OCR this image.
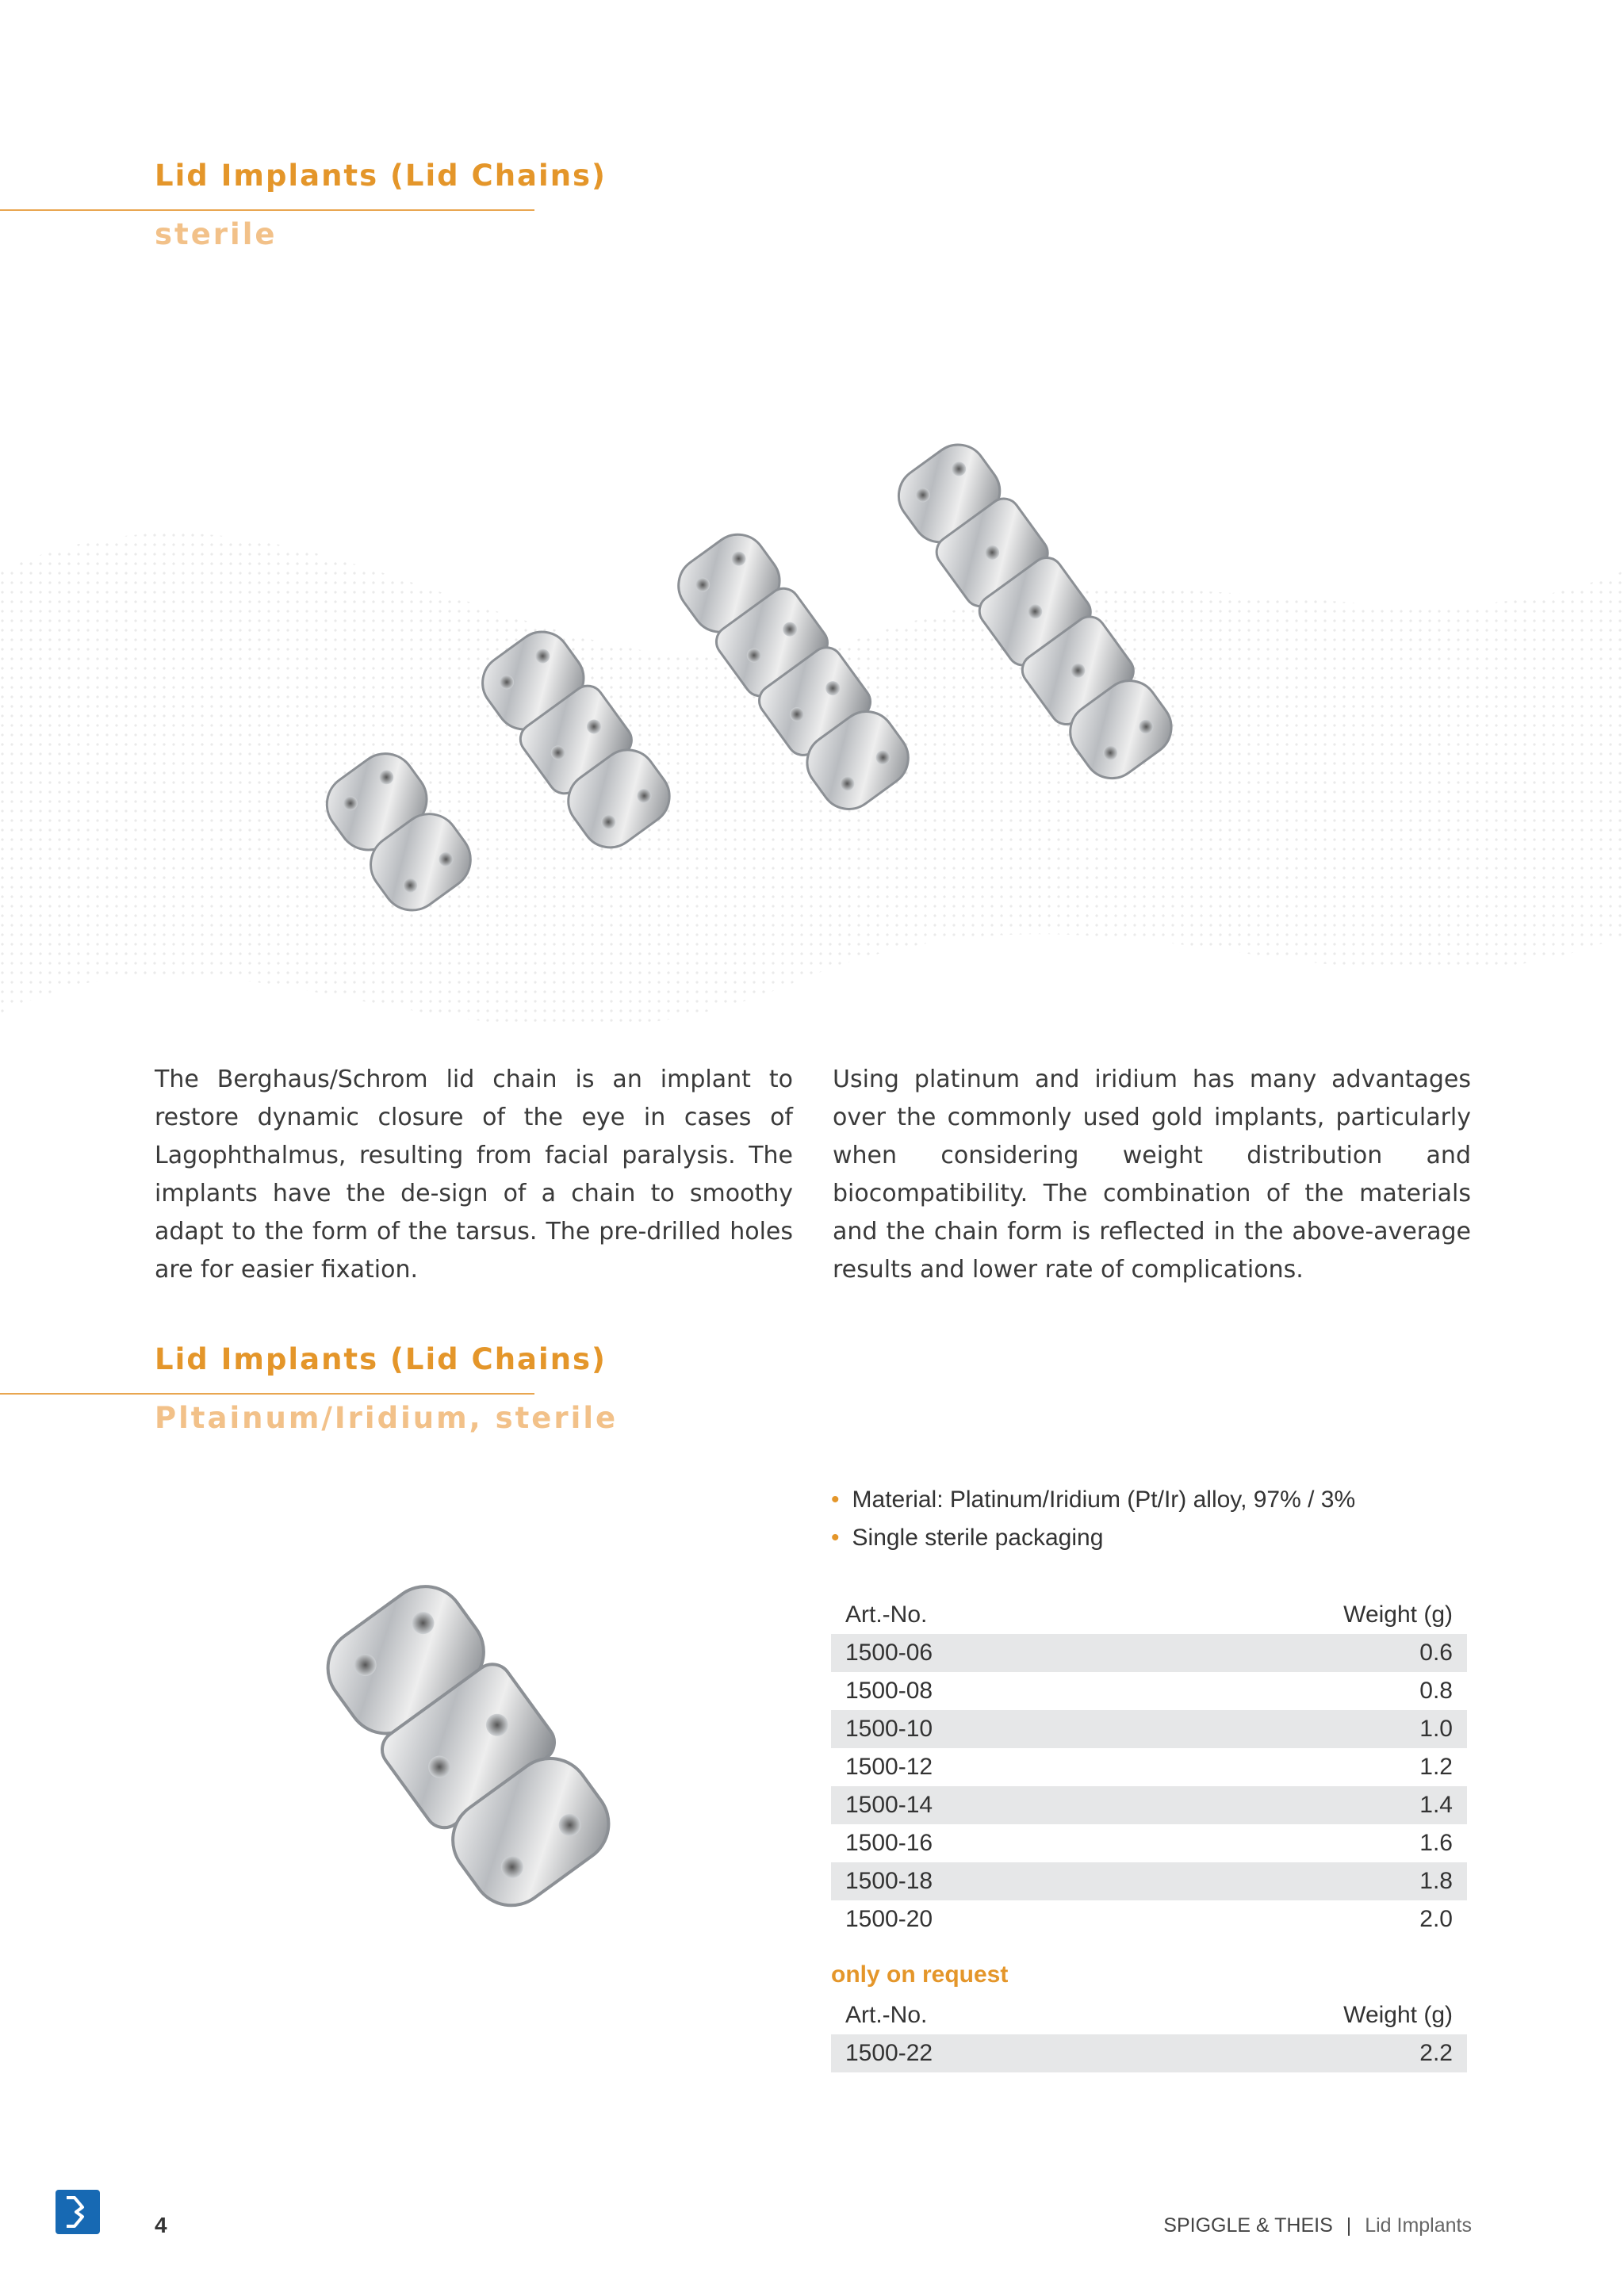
Lid Implants (Lid Chains)
sterile
The Berghaus/Schrom lid chain is an implant to restore dynamic closure of the eye in cases of Lagophthalmus, resulting from facial paralysis. The implants have the de-sign of a chain to smoothy adapt to the form of the tarsus. The pre-drilled holes are for easier fixation.
Using platinum and iridium has many advantages over the commonly used gold implants, particularly when considering weight distribution and biocompatibility. The combination of the materials and the chain form is reflected in the above-average results and lower rate of complications.
Lid Implants (Lid Chains)
Pltainum/Iridium, sterile
• Material: Platinum/Iridium (Pt/Ir) alloy, 97% / 3%
• Single sterile packaging
Art.-No.	Weight (g)
1500-06	0.6
1500-08	0.8
1500-10	1.0
1500-12	1.2
1500-14	1.4
1500-16	1.6
1500-18	1.8
1500-20	2.0
only on request
Art.-No.	Weight (g)
1500-22	2.2
4	SPIGGLE & THEIS | Lid Implants
